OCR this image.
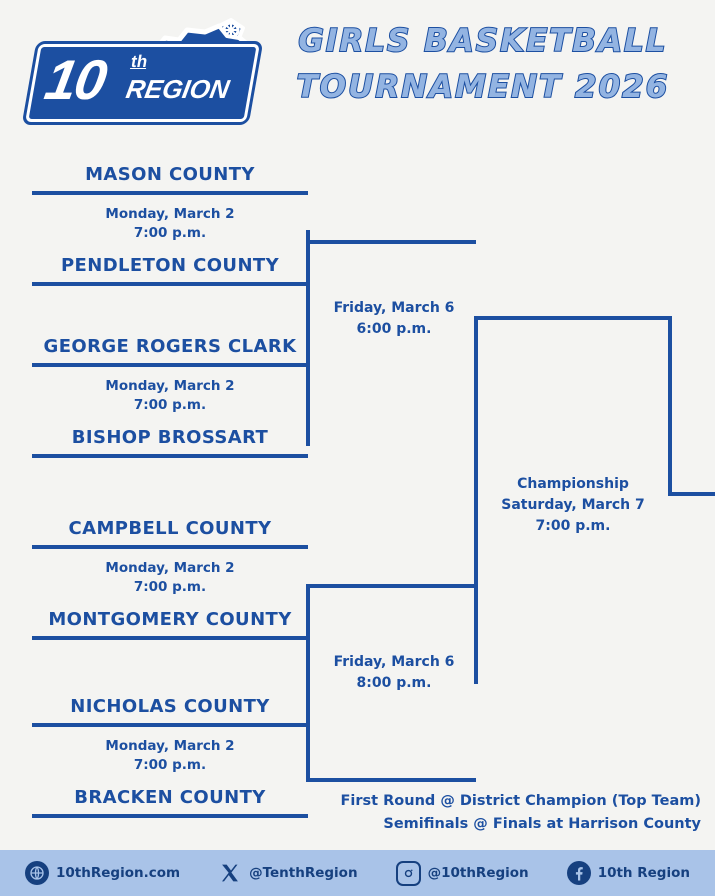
10 th
REGION
GIRLS BASKETBALL
TOURNAMENT 2026
MASON COUNTY
Monday, March 2
7:00 p.m.
PENDLETON COUNTY
GEORGE ROGERS CLARK
Monday, March 2
7:00 p.m.
BISHOP BROSSART
CAMPBELL COUNTY
Monday, March 2
7:00 p.m.
MONTGOMERY COUNTY
NICHOLAS COUNTY
Monday, March 2
7:00 p.m.
BRACKEN COUNTY
Friday, March 6
6:00 p.m.
Friday, March 6
8:00 p.m.
Championship
Saturday, March 7
7:00 p.m.
First Round @ District Champion (Top Team)
Semifinals @ Finals at Harrison County
10thRegion.com	@TenthRegion	@10thRegion	10th Region
